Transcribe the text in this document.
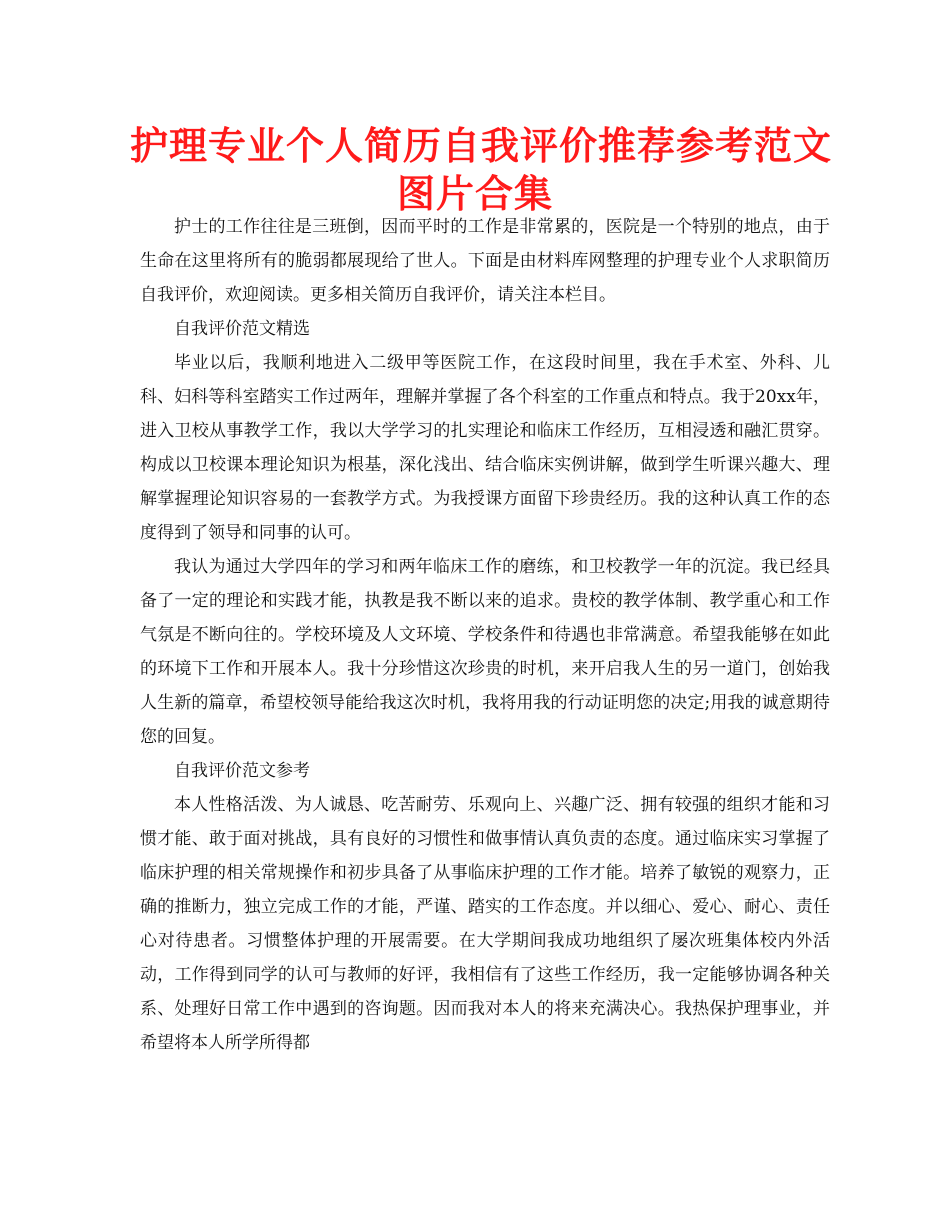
护理专业个人简历自我评价推荐参考范文
图片合集

护士的工作往往是三班倒，因而平时的工作是非常累的，医院是一个特别的地点，由于生命在这里将所有的脆弱都展现给了世人。下面是由材料库网整理的护理专业个人求职简历自我评价，欢迎阅读。更多相关简历自我评价，请关注本栏目。

自我评价范文精选

毕业以后，我顺利地进入二级甲等医院工作，在这段时间里，我在手术室、外科、儿科、妇科等科室踏实工作过两年，理解并掌握了各个科室的工作重点和特点。我于20xx年，进入卫校从事教学工作，我以大学学习的扎实理论和临床工作经历，互相浸透和融汇贯穿。构成以卫校课本理论知识为根基，深化浅出、结合临床实例讲解，做到学生听课兴趣大、理解掌握理论知识容易的一套教学方式。为我授课方面留下珍贵经历。我的这种认真工作的态度得到了领导和同事的认可。

我认为通过大学四年的学习和两年临床工作的磨练，和卫校教学一年的沉淀。我已经具备了一定的理论和实践才能，执教是我不断以来的追求。贵校的教学体制、教学重心和工作气氛是不断向往的。学校环境及人文环境、学校条件和待遇也非常满意。希望我能够在如此的环境下工作和开展本人。我十分珍惜这次珍贵的时机，来开启我人生的另一道门，创始我人生新的篇章，希望校领导能给我这次时机，我将用我的行动证明您的决定;用我的诚意期待您的回复。

自我评价范文参考

本人性格活泼、为人诚恳、吃苦耐劳、乐观向上、兴趣广泛、拥有较强的组织才能和习惯才能、敢于面对挑战，具有良好的习惯性和做事情认真负责的态度。通过临床实习掌握了临床护理的相关常规操作和初步具备了从事临床护理的工作才能。培养了敏锐的观察力，正确的推断力，独立完成工作的才能，严谨、踏实的工作态度。并以细心、爱心、耐心、责任心对待患者。习惯整体护理的开展需要。在大学期间我成功地组织了屡次班集体校内外活动，工作得到同学的认可与教师的好评，我相信有了这些工作经历，我一定能够协调各种关系、处理好日常工作中遇到的咨询题。因而我对本人的将来充满决心。我热保护理事业，并希望将本人所学所得都
